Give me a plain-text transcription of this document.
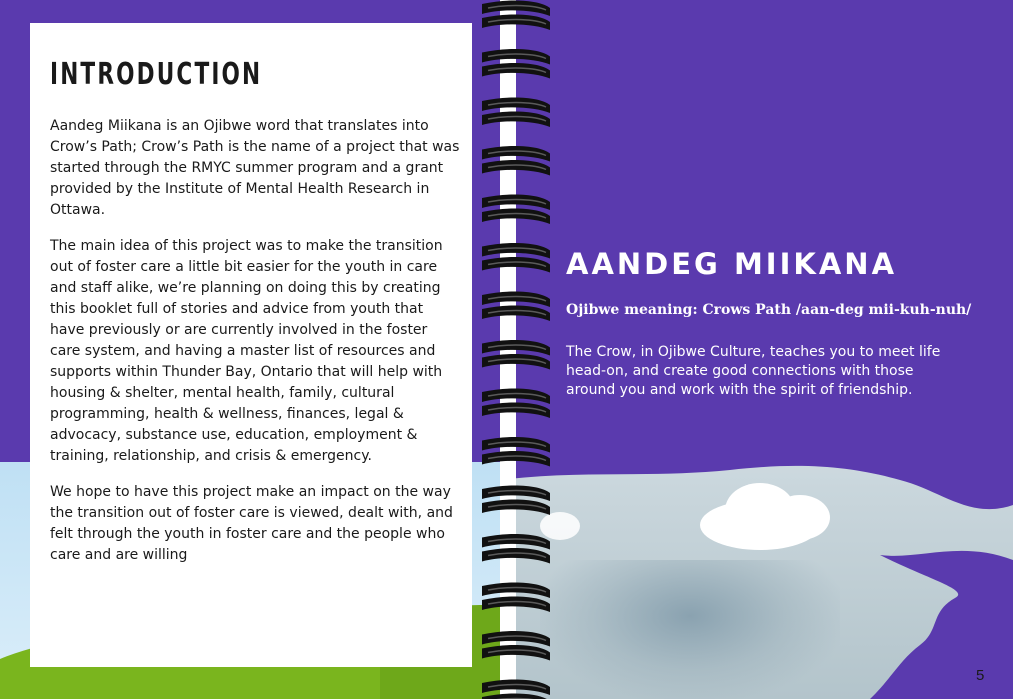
INTRODUCTION

Aandeg Miikana is an Ojibwe word that translates into Crow’s Path; Crow’s Path is the name of a project that was started through the RMYC summer program and a grant provided by the Institute of Mental Health Research in Ottawa.

The main idea of this project was to make the transition out of foster care a little bit easier for the youth in care and staff alike, we’re planning on doing this by creating this booklet full of stories and advice from youth that have previously or are currently involved in the foster care system, and having a master list of resources and supports within Thunder Bay, Ontario that will help with housing & shelter, mental health, family, cultural programming, health & wellness, finances, legal & advocacy, substance use, education, employment & training, relationship, and crisis & emergency.

We hope to have this project make an impact on the way the transition out of foster care is viewed, dealt with, and felt through the youth in foster care and the people who care and are willing

AANDEG MIIKANA

Ojibwe meaning: Crows Path /aan-deg mii-kuh-nuh/

The Crow, in Ojibwe Culture, teaches you to meet life head-on, and create good connections with those around you and work with the spirit of friendship.

5
